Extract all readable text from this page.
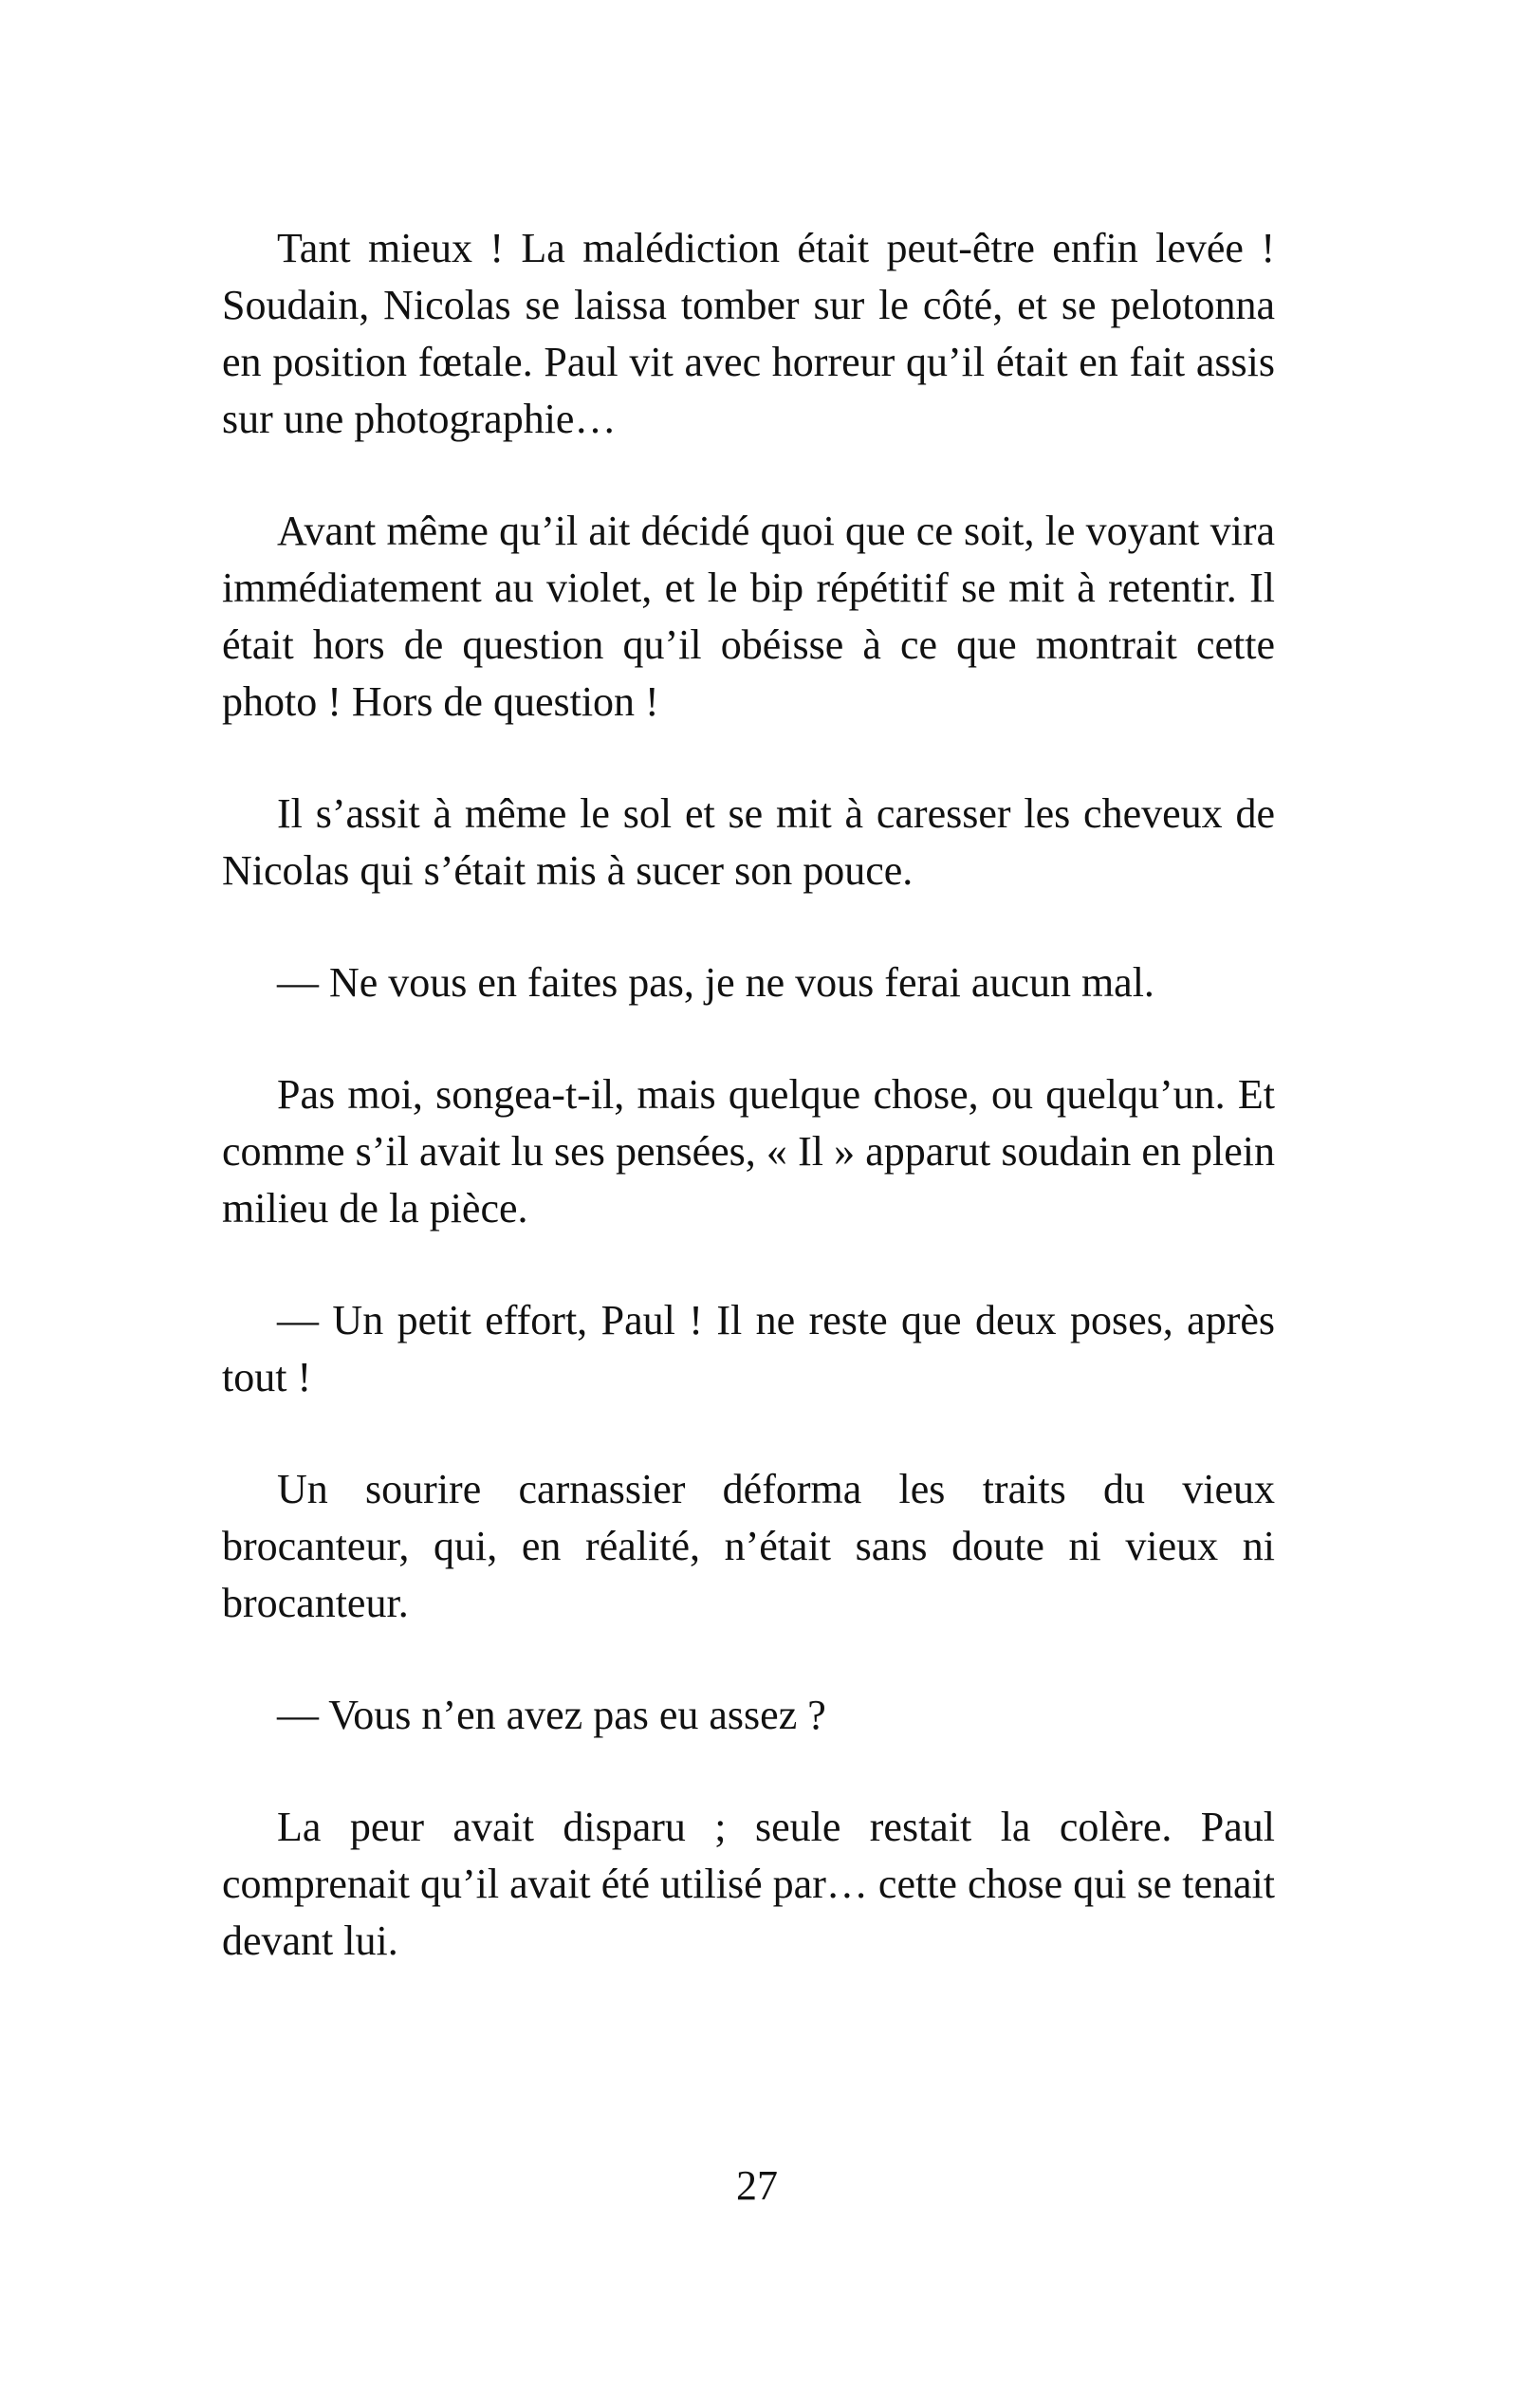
Tant mieux ! La malédiction était peut-être enfin levée ! Soudain, Nicolas se laissa tomber sur le côté, et se pelotonna en position fœtale. Paul vit avec horreur qu’il était en fait assis sur une photographie…

Avant même qu’il ait décidé quoi que ce soit, le voyant vira immédiatement au violet, et le bip répétitif se mit à retentir. Il était hors de question qu’il obéisse à ce que montrait cette photo ! Hors de question !

Il s’assit à même le sol et se mit à caresser les cheveux de Nicolas qui s’était mis à sucer son pouce.

— Ne vous en faites pas, je ne vous ferai aucun mal.

Pas moi, songea-t-il, mais quelque chose, ou quelqu’un. Et comme s’il avait lu ses pensées, « Il » apparut soudain en plein milieu de la pièce.

— Un petit effort, Paul ! Il ne reste que deux poses, après tout !

Un sourire carnassier déforma les traits du vieux brocanteur, qui, en réalité, n’était sans doute ni vieux ni brocanteur.

— Vous n’en avez pas eu assez ?

La peur avait disparu ; seule restait la colère. Paul comprenait qu’il avait été utilisé par… cette chose qui se tenait devant lui.

27
